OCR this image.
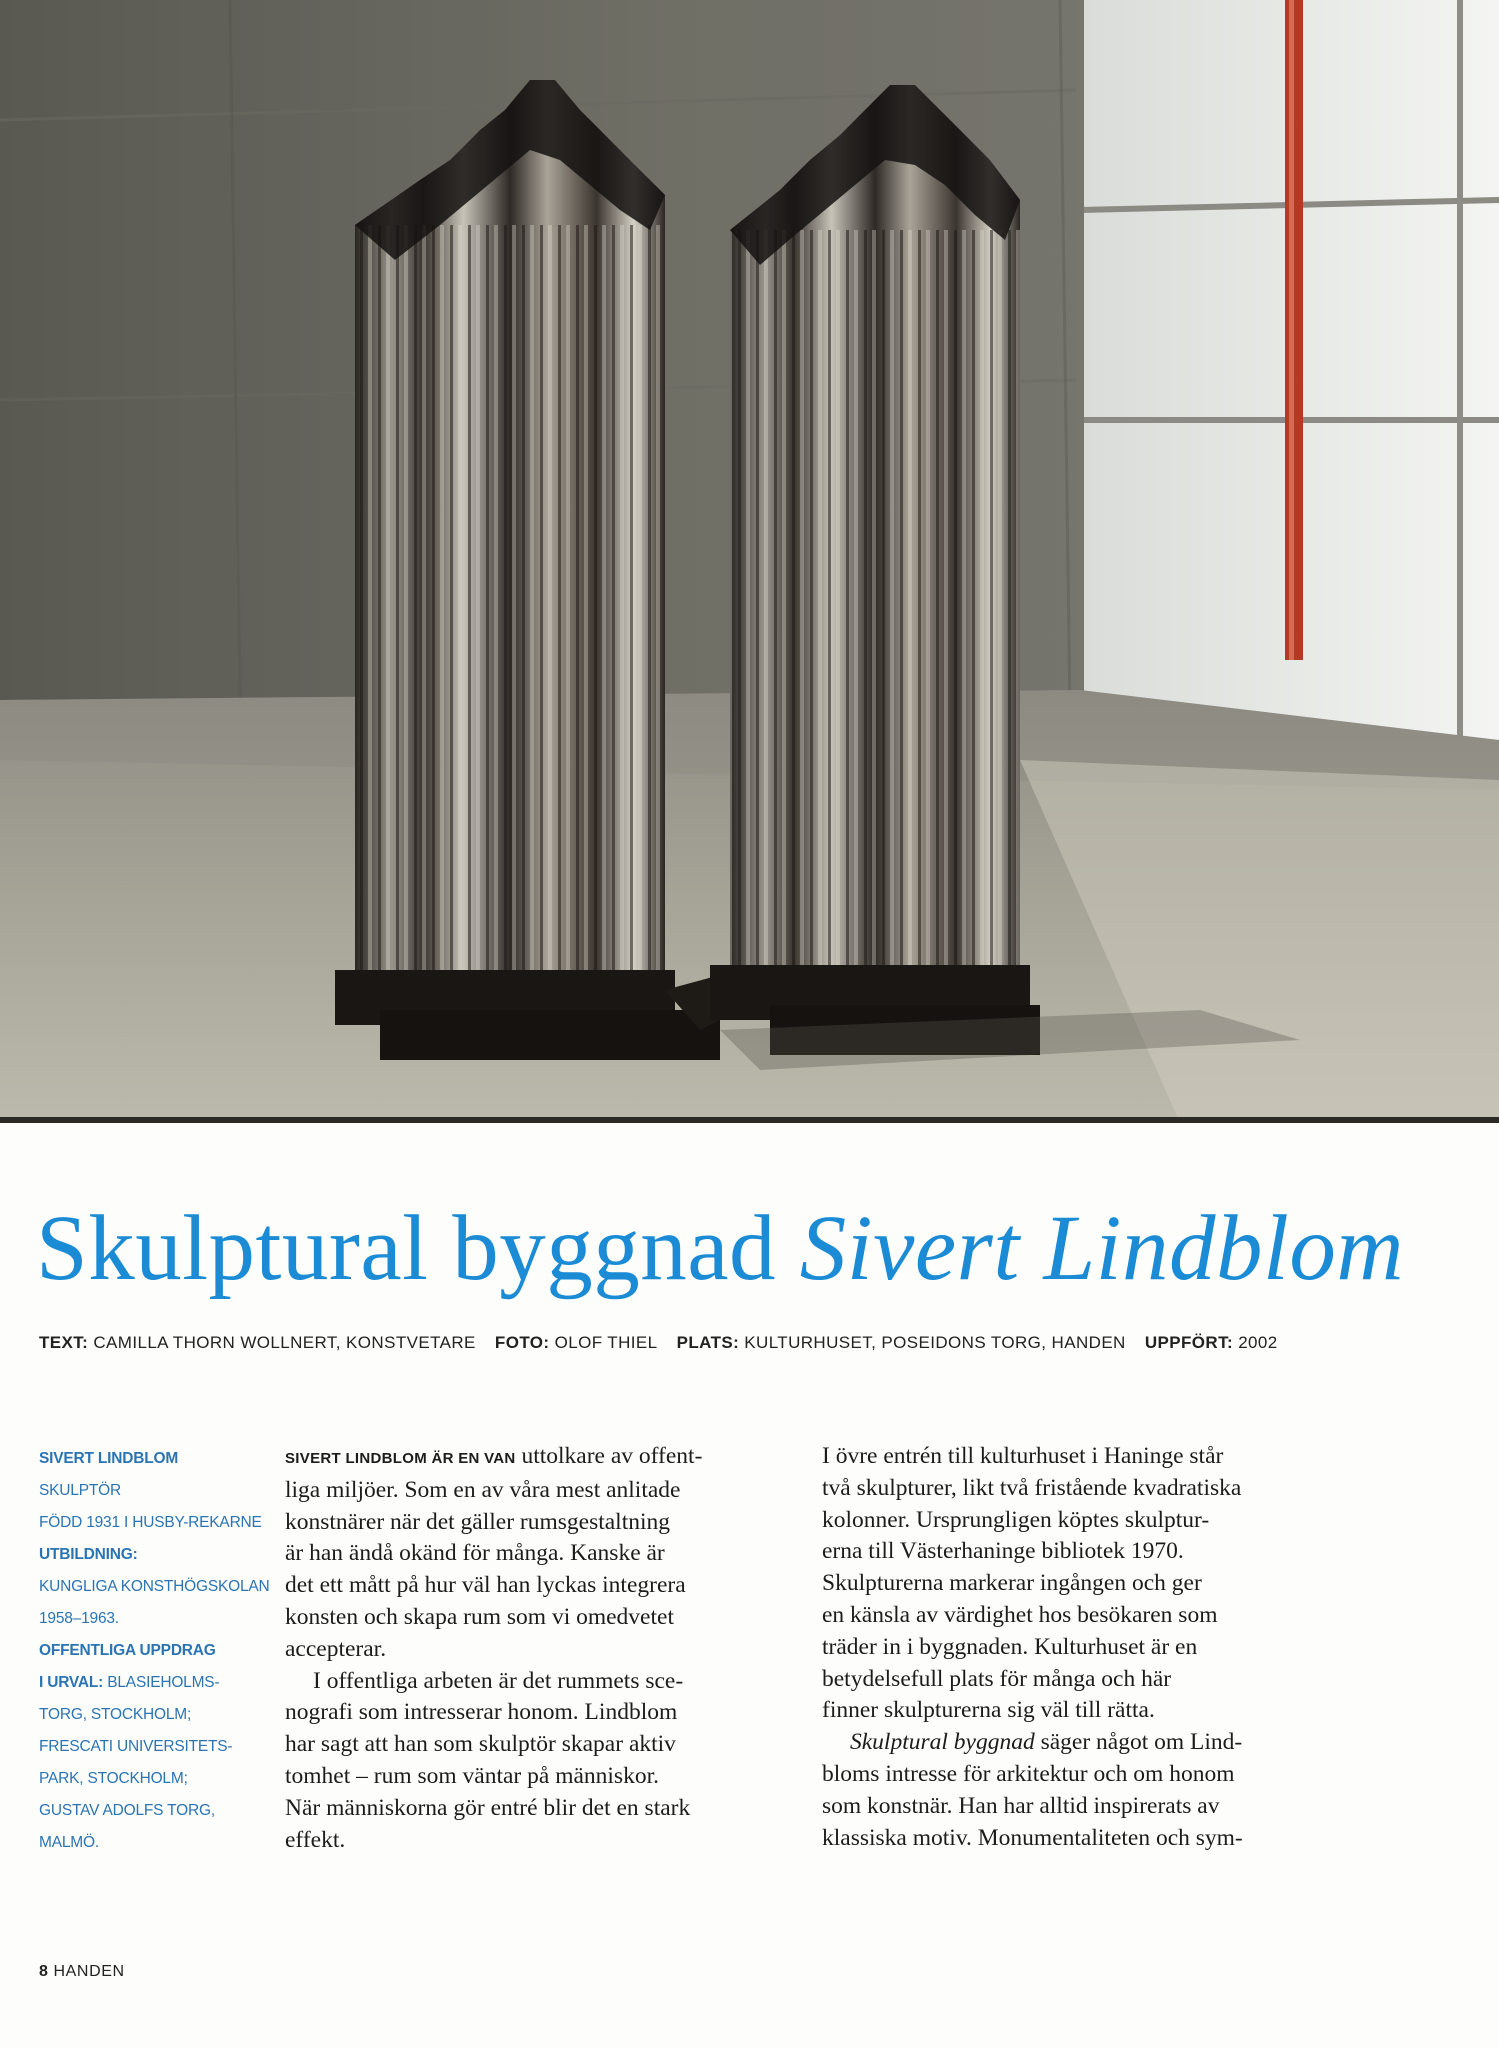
Skulptural byggnad Sivert Lindblom
TEXT: CAMILLA THORN WOLLNERT, KONSTVETARE FOTO: OLOF THIEL PLATS: KULTURHUSET, POSEIDONS TORG, HANDEN UPPFÖRT: 2002
SIVERT LINDBLOM
SKULPTÖR
FÖDD 1931 I HUSBY-REKARNE
UTBILDNING:
KUNGLIGA KONSTHÖGSKOLAN
1958–1963.
OFFENTLIGA UPPDRAG
I URVAL: BLASIEHOLMS-
TORG, STOCKHOLM;
FRESCATI UNIVERSITETS-
PARK, STOCKHOLM;
GUSTAV ADOLFS TORG,
MALMÖ.
SIVERT LINDBLOM ÄR EN VAN uttolkare av offent-
liga miljöer. Som en av våra mest anlitade
konstnärer när det gäller rumsgestaltning
är han ändå okänd för många. Kanske är
det ett mått på hur väl han lyckas integrera
konsten och skapa rum som vi omedvetet
accepterar.
I offentliga arbeten är det rummets sce-
nografi som intresserar honom. Lindblom
har sagt att han som skulptör skapar aktiv
tomhet – rum som väntar på människor.
När människorna gör entré blir det en stark
effekt.
I övre entrén till kulturhuset i Haninge står
två skulpturer, likt två fristående kvadratiska
kolonner. Ursprungligen köptes skulptur-
erna till Västerhaninge bibliotek 1970.
Skulpturerna markerar ingången och ger
en känsla av värdighet hos besökaren som
träder in i byggnaden. Kulturhuset är en
betydelsefull plats för många och här
finner skulpturerna sig väl till rätta.
Skulptural byggnad säger något om Lind-
bloms intresse för arkitektur och om honom
som konstnär. Han har alltid inspirerats av
klassiska motiv. Monumentaliteten och sym-
8 HANDEN
